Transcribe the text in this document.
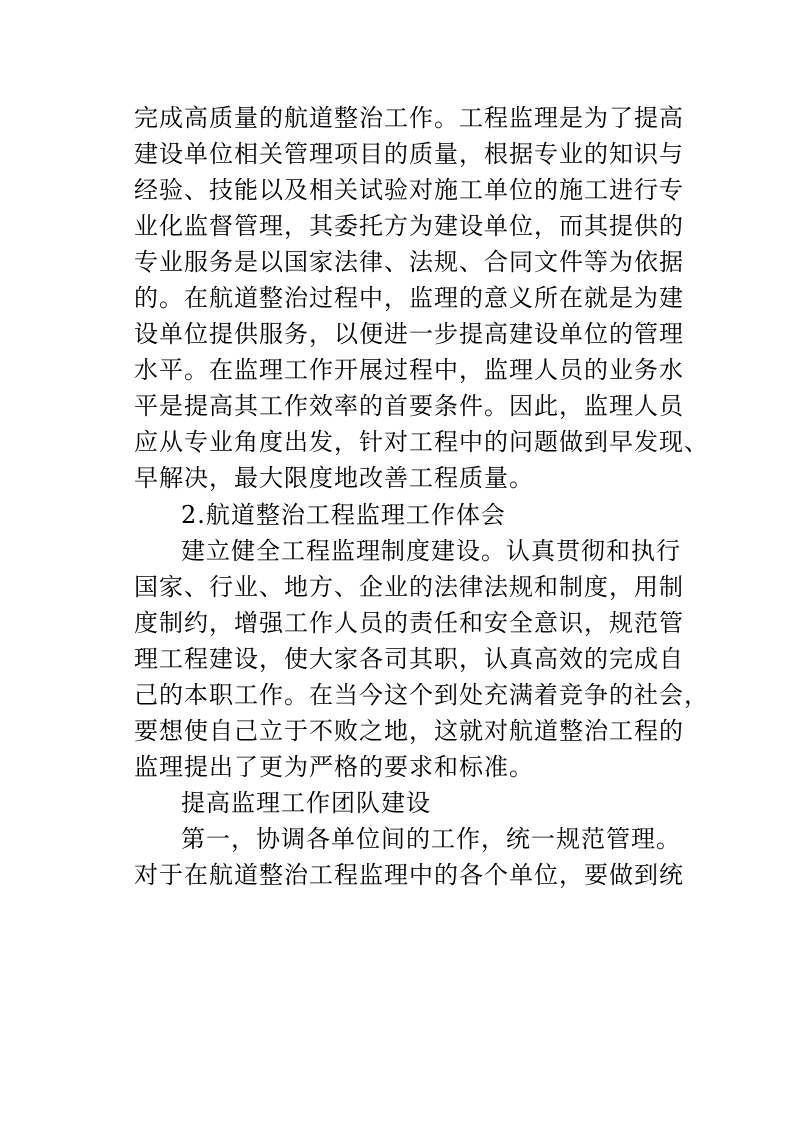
完成高质量的航道整治工作。工程监理是为了提高
建设单位相关管理项目的质量，根据专业的知识与
经验、技能以及相关试验对施工单位的施工进行专
业化监督管理，其委托方为建设单位，而其提供的
专业服务是以国家法律、法规、合同文件等为依据
的。在航道整治过程中，监理的意义所在就是为建
设单位提供服务，以便进一步提高建设单位的管理
水平。在监理工作开展过程中，监理人员的业务水
平是提高其工作效率的首要条件。因此，监理人员
应从专业角度出发，针对工程中的问题做到早发现、
早解决，最大限度地改善工程质量。
2.航道整治工程监理工作体会
建立健全工程监理制度建设。认真贯彻和执行
国家、行业、地方、企业的法律法规和制度，用制
度制约，增强工作人员的责任和安全意识，规范管
理工程建设，使大家各司其职，认真高效的完成自
己的本职工作。在当今这个到处充满着竞争的社会，
要想使自己立于不败之地，这就对航道整治工程的
监理提出了更为严格的要求和标准。
提高监理工作团队建设
第一，协调各单位间的工作，统一规范管理。
对于在航道整治工程监理中的各个单位，要做到统
